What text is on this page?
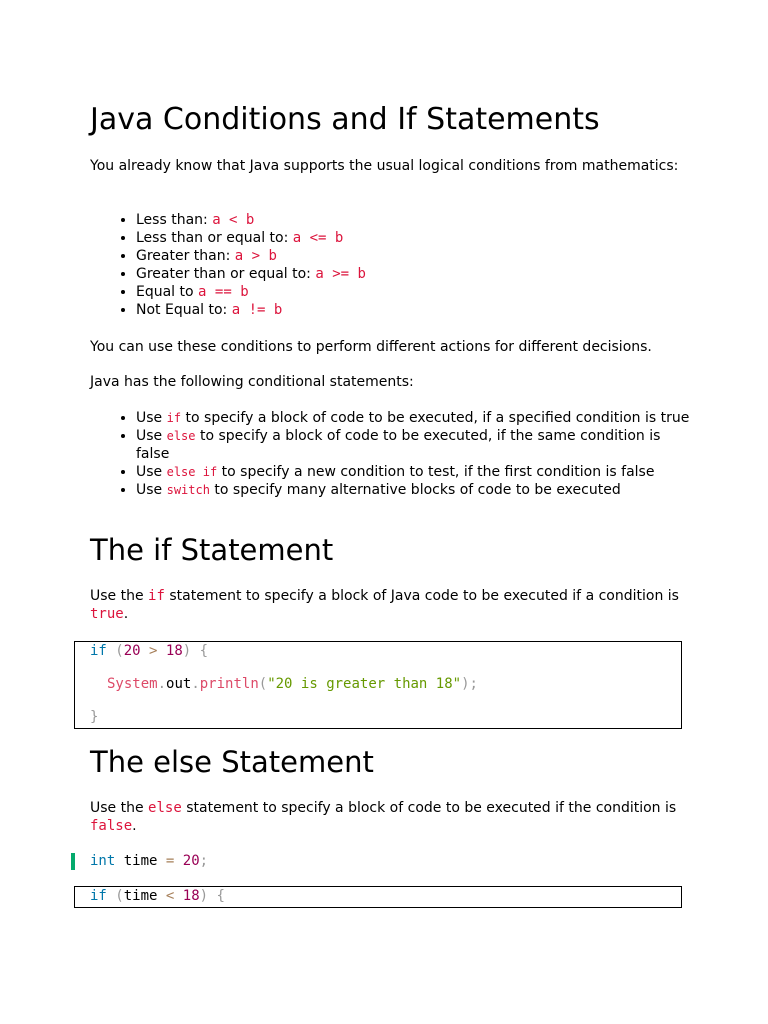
Java Conditions and If Statements

You already know that Java supports the usual logical conditions from mathematics:

• Less than: a < b
• Less than or equal to: a <= b
• Greater than: a > b
• Greater than or equal to: a >= b
• Equal to a == b
• Not Equal to: a != b

You can use these conditions to perform different actions for different decisions.

Java has the following conditional statements:

• Use if to specify a block of code to be executed, if a specified condition is true
• Use else to specify a block of code to be executed, if the same condition is false
• Use else if to specify a new condition to test, if the first condition is false
• Use switch to specify many alternative blocks of code to be executed
The if Statement

Use the if statement to specify a block of Java code to be executed if a condition is true.

if (20 > 18) {
System.out.println("20 is greater than 18");
}
The else Statement

Use the else statement to specify a block of code to be executed if the condition is false.

int time = 20;
if (time < 18) {
